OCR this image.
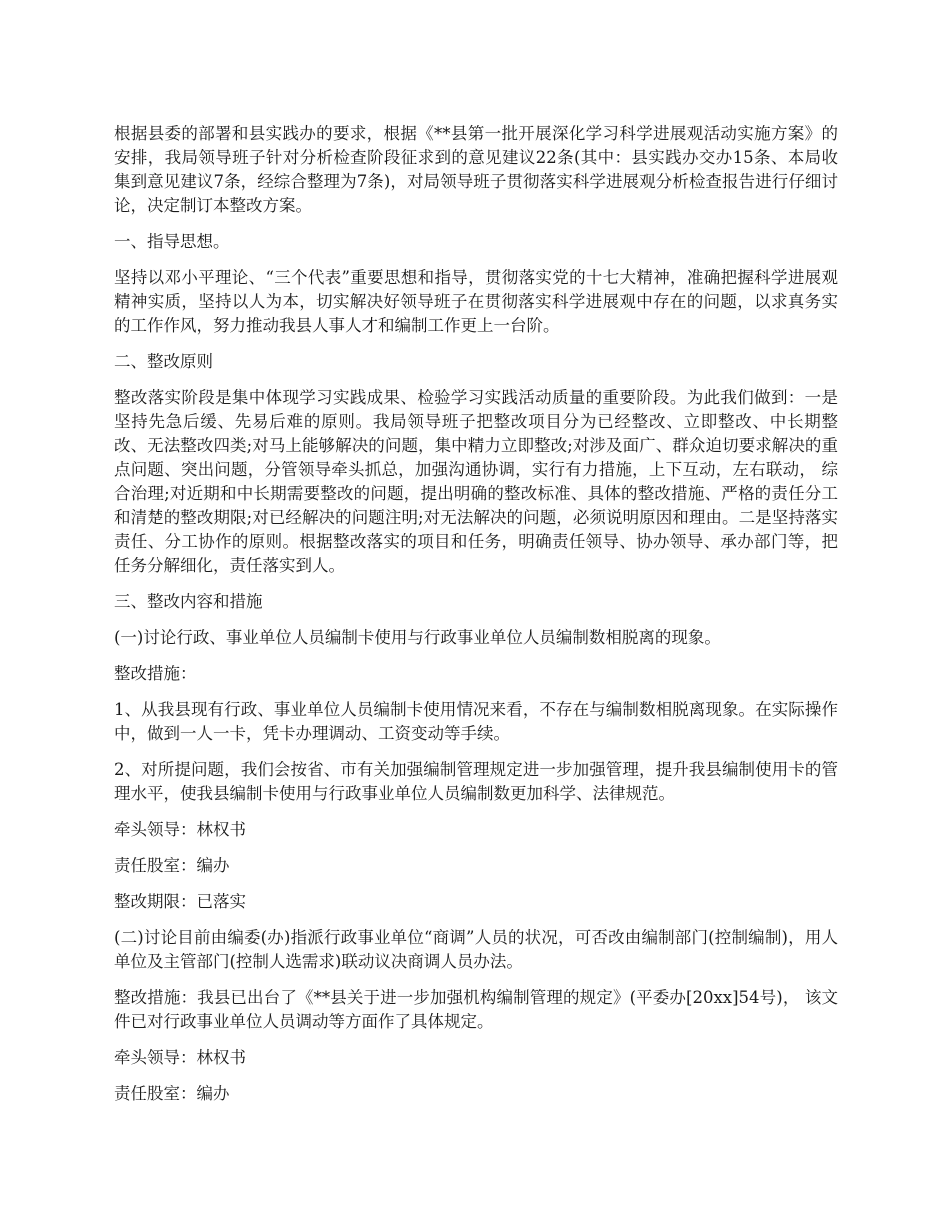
根据县委的部署和县实践办的要求，根据《**县第一批开展深化学习科学进展观活动实施方案》的安排，我局领导班子针对分析检查阶段征求到的意见建议22条(其中：县实践办交办15条、本局收集到意见建议7条，经综合整理为7条)，对局领导班子贯彻落实科学进展观分析检查报告进行仔细讨论，决定制订本整改方案。

一、指导思想。

坚持以邓小平理论、“三个代表”重要思想和指导，贯彻落实党的十七大精神，准确把握科学进展观精神实质，坚持以人为本，切实解决好领导班子在贯彻落实科学进展观中存在的问题，以求真务实的工作作风，努力推动我县人事人才和编制工作更上一台阶。

二、整改原则

整改落实阶段是集中体现学习实践成果、检验学习实践活动质量的重要阶段。为此我们做到：一是坚持先急后缓、先易后难的原则。我局领导班子把整改项目分为已经整改、立即整改、中长期整改、无法整改四类;对马上能够解决的问题，集中精力立即整改;对涉及面广、群众迫切要求解决的重点问题、突出问题，分管领导牵头抓总，加强沟通协调，实行有力措施，上下互动，左右联动， 综合治理;对近期和中长期需要整改的问题，提出明确的整改标准、具体的整改措施、严格的责任分工和清楚的整改期限;对已经解决的问题注明;对无法解决的问题，必须说明原因和理由。二是坚持落实责任、分工协作的原则。根据整改落实的项目和任务，明确责任领导、协办领导、承办部门等，把任务分解细化，责任落实到人。

三、整改内容和措施

(一)讨论行政、事业单位人员编制卡使用与行政事业单位人员编制数相脱离的现象。

整改措施：

1、从我县现有行政、事业单位人员编制卡使用情况来看，不存在与编制数相脱离现象。在实际操作中，做到一人一卡，凭卡办理调动、工资变动等手续。

2、对所提问题，我们会按省、市有关加强编制管理规定进一步加强管理，提升我县编制使用卡的管理水平，使我县编制卡使用与行政事业单位人员编制数更加科学、法律规范。

牵头领导：林权书

责任股室：编办

整改期限：已落实

(二)讨论目前由编委(办)指派行政事业单位“商调”人员的状况，可否改由编制部门(控制编制)，用人单位及主管部门(控制人选需求)联动议决商调人员办法。

整改措施：我县已出台了《**县关于进一步加强机构编制管理的规定》(平委办[20xx]54号)， 该文件已对行政事业单位人员调动等方面作了具体规定。

牵头领导：林权书

责任股室：编办
